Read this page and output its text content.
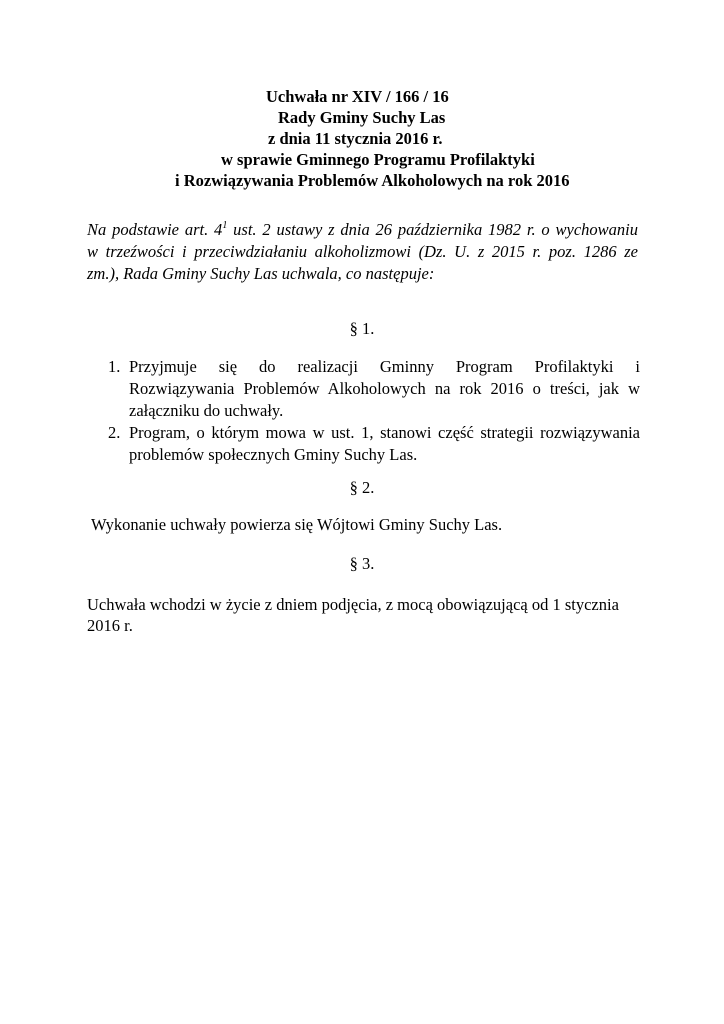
Uchwała nr XIV / 166 / 16
Rady Gminy Suchy Las
z dnia 11 stycznia 2016 r.
w sprawie Gminnego Programu Profilaktyki
i Rozwiązywania Problemów Alkoholowych na rok 2016
Na podstawie art. $4^1$ ust. 2 ustawy z dnia 26 października 1982 r. o wychowaniu
w trzeźwości i przeciwdziałaniu alkoholizmowi (Dz. U. z 2015 r. poz. 1286 ze
zm.), Rada Gminy Suchy Las uchwala, co następuje:
§ 1.
1. Przyjmuje się do realizacji Gminny Program Profilaktyki i
Rozwiązywania Problemów Alkoholowych na rok 2016 o treści, jak w
załączniku do uchwały.
2. Program, o którym mowa w ust. 1, stanowi część strategii rozwiązywania
problemów społecznych Gminy Suchy Las.
§ 2.
Wykonanie uchwały powierza się Wójtowi Gminy Suchy Las.
§ 3.
Uchwała wchodzi w życie z dniem podjęcia, z mocą obowiązującą od 1 stycznia
2016 r.
